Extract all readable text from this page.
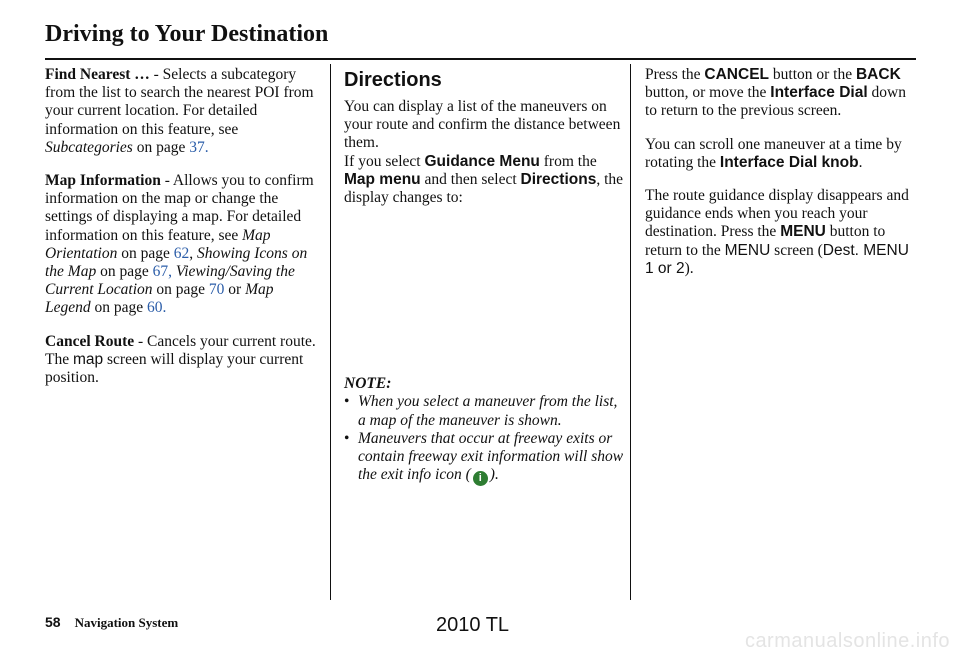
Driving to Your Destination

Find Nearest … - Selects a subcategory from the list to search the nearest POI from your current location. For detailed information on this feature, see Subcategories on page 37.

Map Information - Allows you to confirm information on the map or change the settings of displaying a map. For detailed information on this feature, see Map Orientation on page 62, Showing Icons on the Map on page 67, Viewing/Saving the Current Location on page 70 or Map Legend on page 60.

Cancel Route - Cancels your current route. The map screen will display your current position.

Directions

You can display a list of the maneuvers on your route and confirm the distance between them.

If you select Guidance Menu from the Map menu and then select Directions, the display changes to:

NOTE:

• When you select a maneuver from the list, a map of the maneuver is shown.
• Maneuvers that occur at freeway exits or contain freeway exit information will show the exit info icon ( i ).

Press the CANCEL button or the BACK button, or move the Interface Dial down to return to the previous screen.

You can scroll one maneuver at a time by rotating the Interface Dial knob.

The route guidance display disappears and guidance ends when you reach your destination. Press the MENU button to return to the MENU screen (Dest. MENU 1 or 2).

58 Navigation System	2010 TL
carmanualsonline.info
